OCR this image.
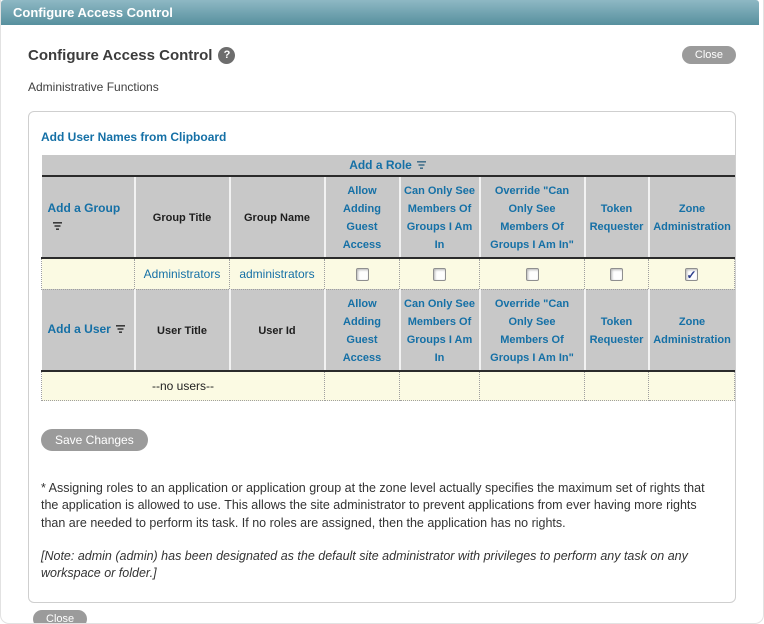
Configure Access Control
Configure Access Control	?	Close
Administrative Functions
Add User Names from Clipboard
Add a Role							
Add a Group	Group Title	Group Name	Allow Adding Guest Access	Can Only See Members Of Groups I Am In	Override "Can Only See Members Of Groups I Am In"	Token Requester	Zone Administration
	Administrators	administrators					✓
Add a User	User Title	User Id	Allow Adding Guest Access	Can Only See Members Of Groups I Am In	Override "Can Only See Members Of Groups I Am In"	Token Requester	Zone Administration
--no users--							
Save Changes

* Assigning roles to an application or application group at the zone level actually specifies the maximum set of rights that the application is allowed to use. This allows the site administrator to prevent applications from ever having more rights than are needed to perform its task. If no roles are assigned, then the application has no rights.

[Note: admin (admin) has been designated as the default site administrator with privileges to perform any task on any workspace or folder.]

Close
